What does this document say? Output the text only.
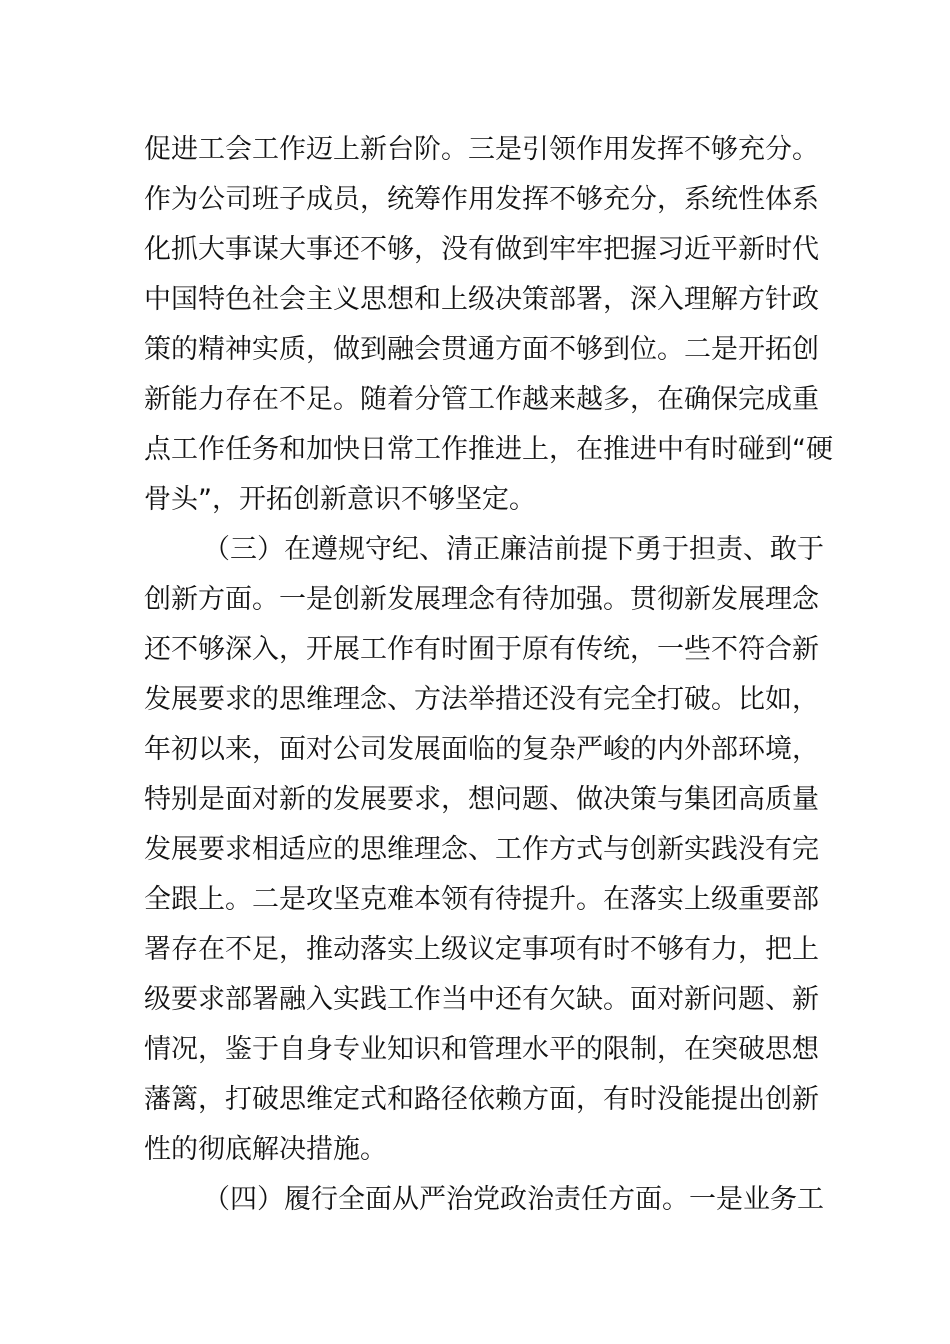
促进工会工作迈上新台阶。三是引领作用发挥不够充分。
作为公司班子成员，统筹作用发挥不够充分，系统性体系
化抓大事谋大事还不够，没有做到牢牢把握习近平新时代
中国特色社会主义思想和上级决策部署，深入理解方针政
策的精神实质，做到融会贯通方面不够到位。二是开拓创
新能力存在不足。随着分管工作越来越多，在确保完成重
点工作任务和加快日常工作推进上，在推进中有时碰到“硬
骨头”，开拓创新意识不够坚定。
（三）在遵规守纪、清正廉洁前提下勇于担责、敢于
创新方面。一是创新发展理念有待加强。贯彻新发展理念
还不够深入，开展工作有时囿于原有传统，一些不符合新
发展要求的思维理念、方法举措还没有完全打破。比如，
年初以来，面对公司发展面临的复杂严峻的内外部环境，
特别是面对新的发展要求，想问题、做决策与集团高质量
发展要求相适应的思维理念、工作方式与创新实践没有完
全跟上。二是攻坚克难本领有待提升。在落实上级重要部
署存在不足，推动落实上级议定事项有时不够有力，把上
级要求部署融入实践工作当中还有欠缺。面对新问题、新
情况，鉴于自身专业知识和管理水平的限制，在突破思想
藩篱，打破思维定式和路径依赖方面，有时没能提出创新
性的彻底解决措施。
（四）履行全面从严治党政治责任方面。一是业务工
